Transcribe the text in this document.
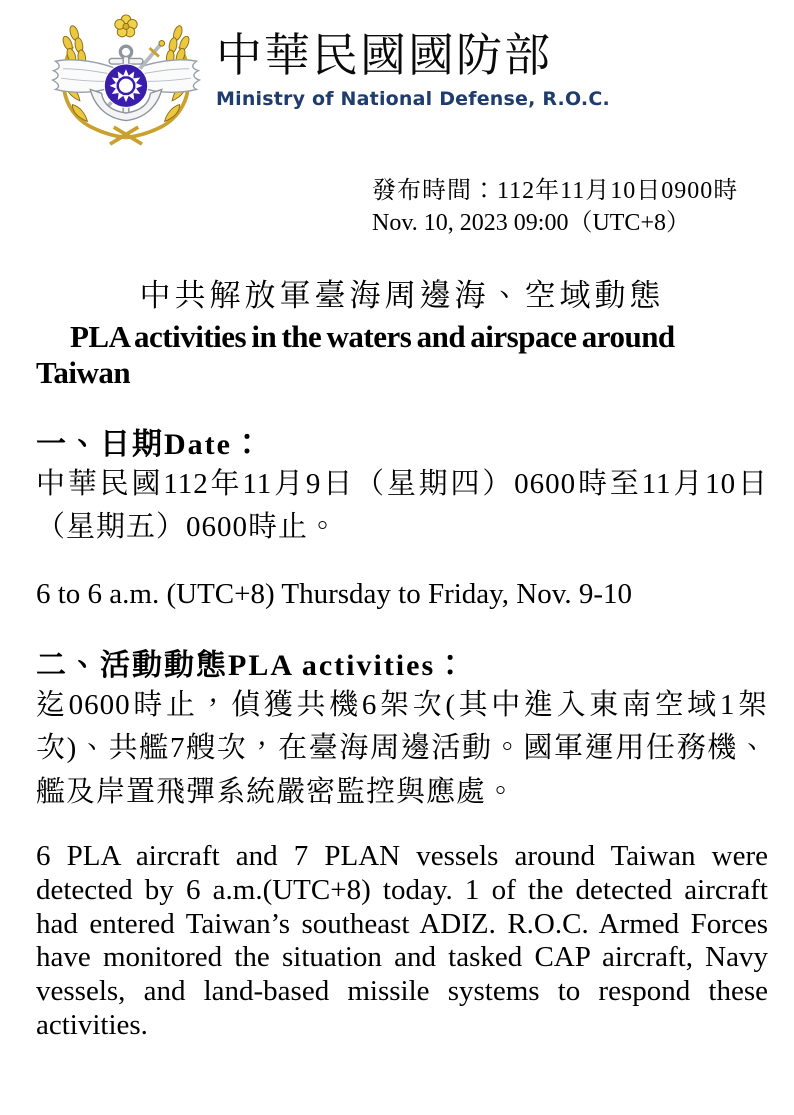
中華民國國防部
Ministry of National Defense, R.O.C.
發布時間：112年11月10日0900時
Nov. 10, 2023 09:00（UTC+8）
中共解放軍臺海周邊海、空域動態
PLA activities in the waters and airspace around Taiwan
一、日期Date：
中華民國112年11月9日（星期四）0600時至11月10日（星期五）0600時止。
6 to 6 a.m. (UTC+8) Thursday to Friday, Nov. 9-10
二、活動動態PLA activities：
迄0600時止，偵獲共機6架次(其中進入東南空域1架次)、共艦7艘次，在臺海周邊活動。國軍運用任務機、艦及岸置飛彈系統嚴密監控與應處。
6 PLA aircraft and 7 PLAN vessels around Taiwan were detected by 6 a.m.(UTC+8) today. 1 of the detected aircraft had entered Taiwan’s southeast ADIZ. R.O.C. Armed Forces have monitored the situation and tasked CAP aircraft, Navy vessels, and land-based missile systems to respond these activities.
